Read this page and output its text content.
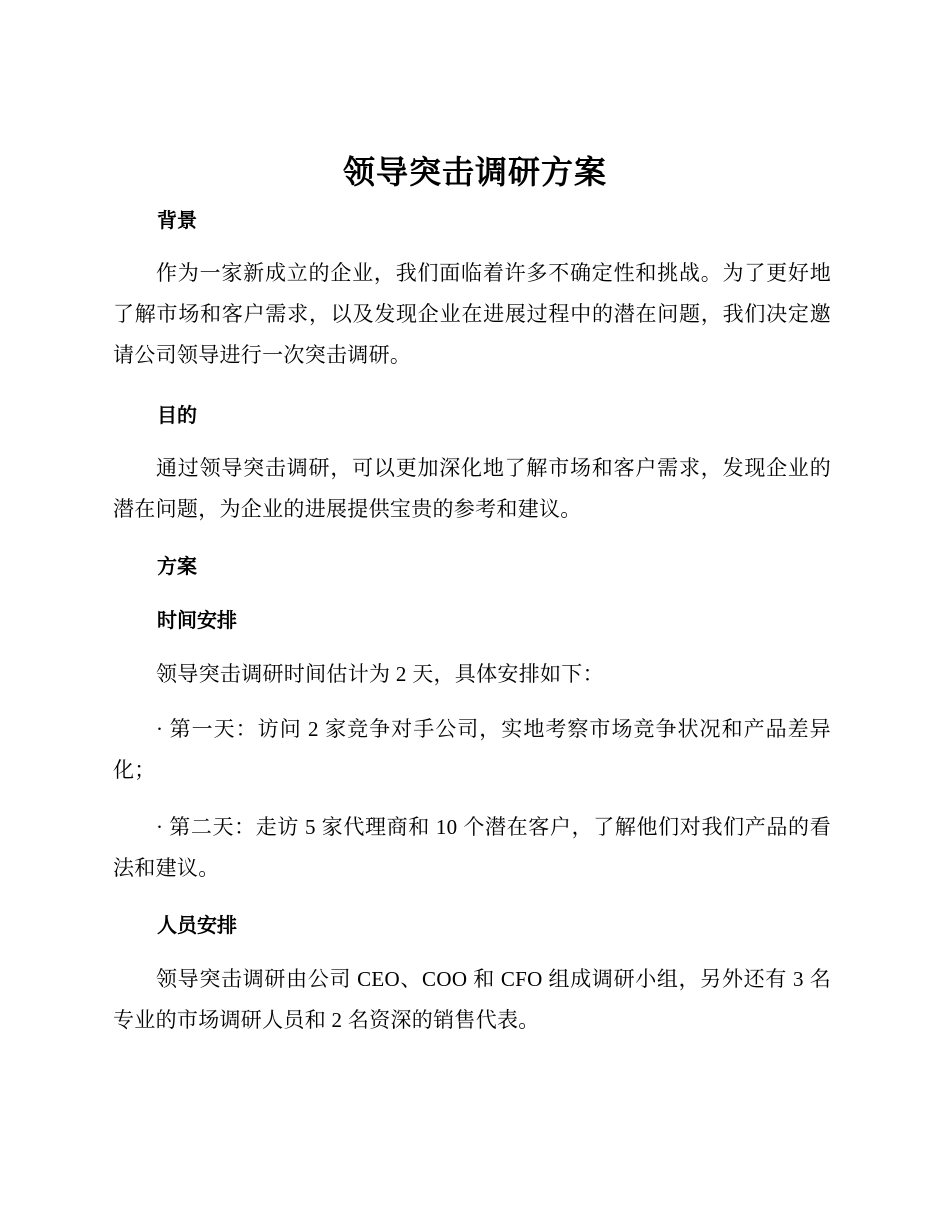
领导突击调研方案
背景

作为一家新成立的企业，我们面临着许多不确定性和挑战。为了更好地了解市场和客户需求，以及发现企业在进展过程中的潜在问题，我们决定邀请公司领导进行一次突击调研。

目的

通过领导突击调研，可以更加深化地了解市场和客户需求，发现企业的潜在问题，为企业的进展提供宝贵的参考和建议。

方案
时间安排

领导突击调研时间估计为 2 天，具体安排如下：

· 第一天：访问 2 家竞争对手公司，实地考察市场竞争状况和产品差异化；

· 第二天：走访 5 家代理商和 10 个潜在客户，了解他们对我们产品的看法和建议。

人员安排

领导突击调研由公司 CEO、COO 和 CFO 组成调研小组，另外还有 3 名专业的市场调研人员和 2 名资深的销售代表。
